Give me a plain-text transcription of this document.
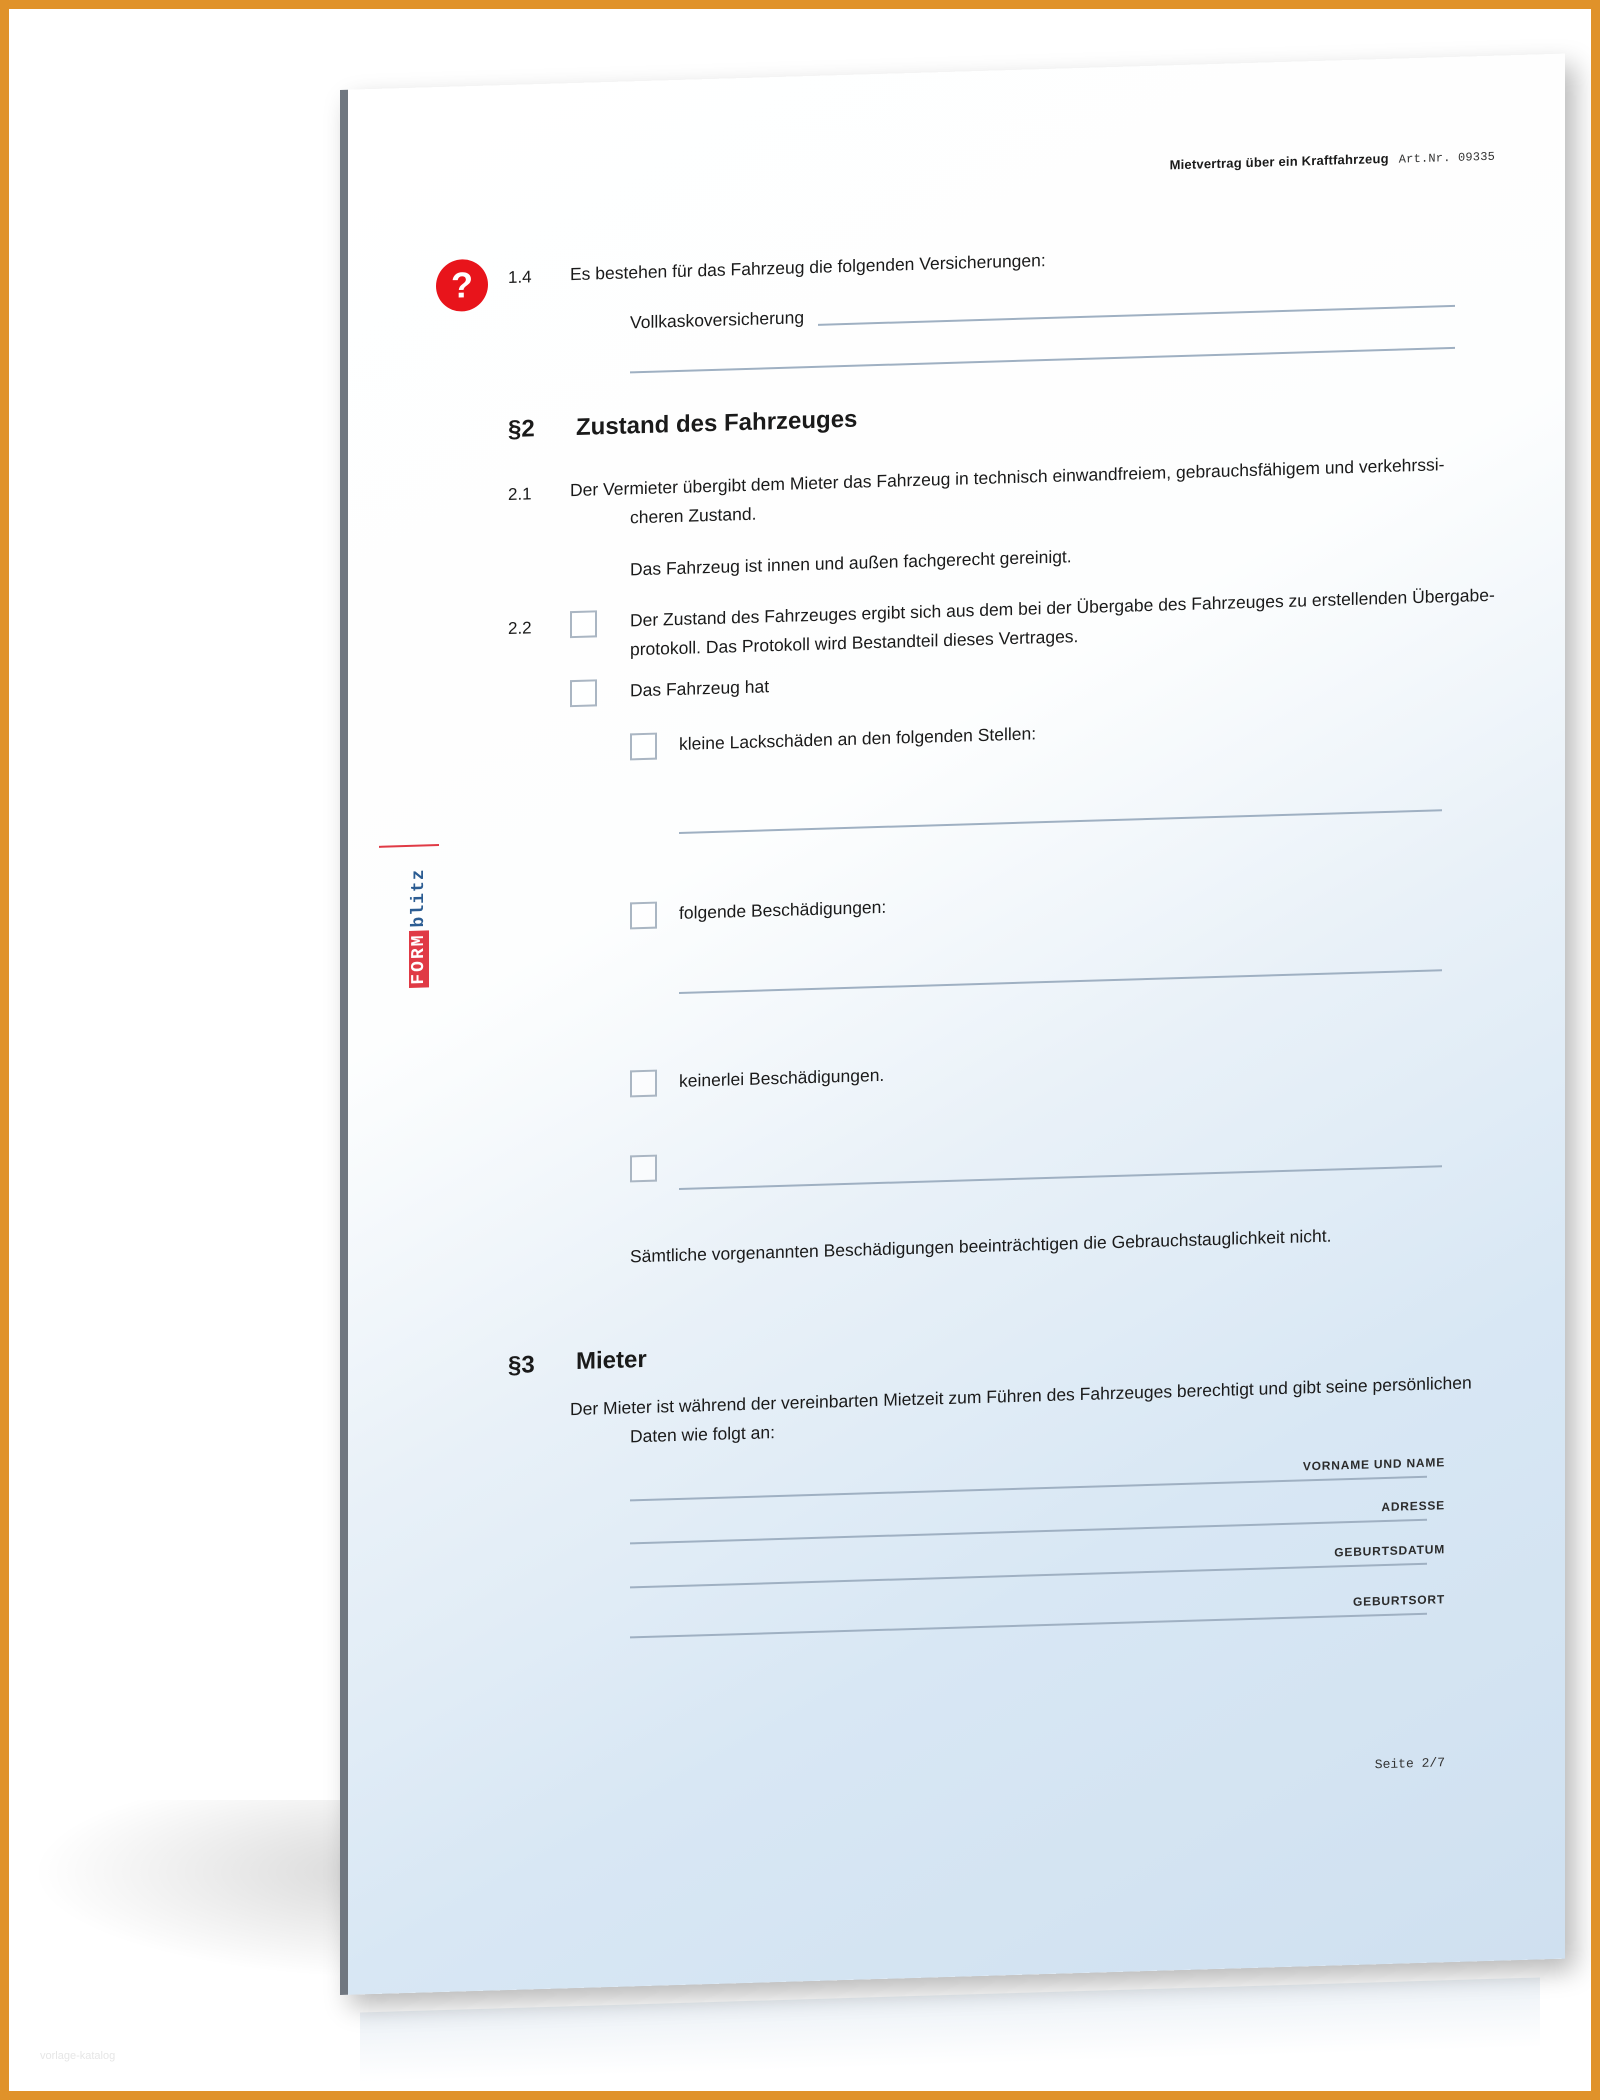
Mietvertrag über ein Kraftfahrzeug Art.Nr. 09335
?	1.4 Es bestehen für das Fahrzeug die folgenden Versicherungen:
Vollkaskoversicherung
§2 Zustand des Fahrzeuges
2.1 Der Vermieter übergibt dem Mieter das Fahrzeug in technisch einwandfreiem, gebrauchsfähigem und verkehrssi-
cheren Zustand.
Das Fahrzeug ist innen und außen fachgerecht gereinigt.
2.2	Der Zustand des Fahrzeuges ergibt sich aus dem bei der Übergabe des Fahrzeuges zu erstellenden Übergabe-
protokoll. Das Protokoll wird Bestandteil dieses Vertrages.
Das Fahrzeug hat
kleine Lackschäden an den folgenden Stellen:
folgende Beschädigungen:
keinerlei Beschädigungen.
Sämtliche vorgenannten Beschädigungen beeinträchtigen die Gebrauchstauglichkeit nicht.
§3 Mieter
Der Mieter ist während der vereinbarten Mietzeit zum Führen des Fahrzeuges berechtigt und gibt seine persönlichen
Daten wie folgt an:
VORNAME UND NAME
ADRESSE
GEBURTSDATUM
GEBURTSORT
Seite 2/7
FORM
blitz
vorlage-katalog
